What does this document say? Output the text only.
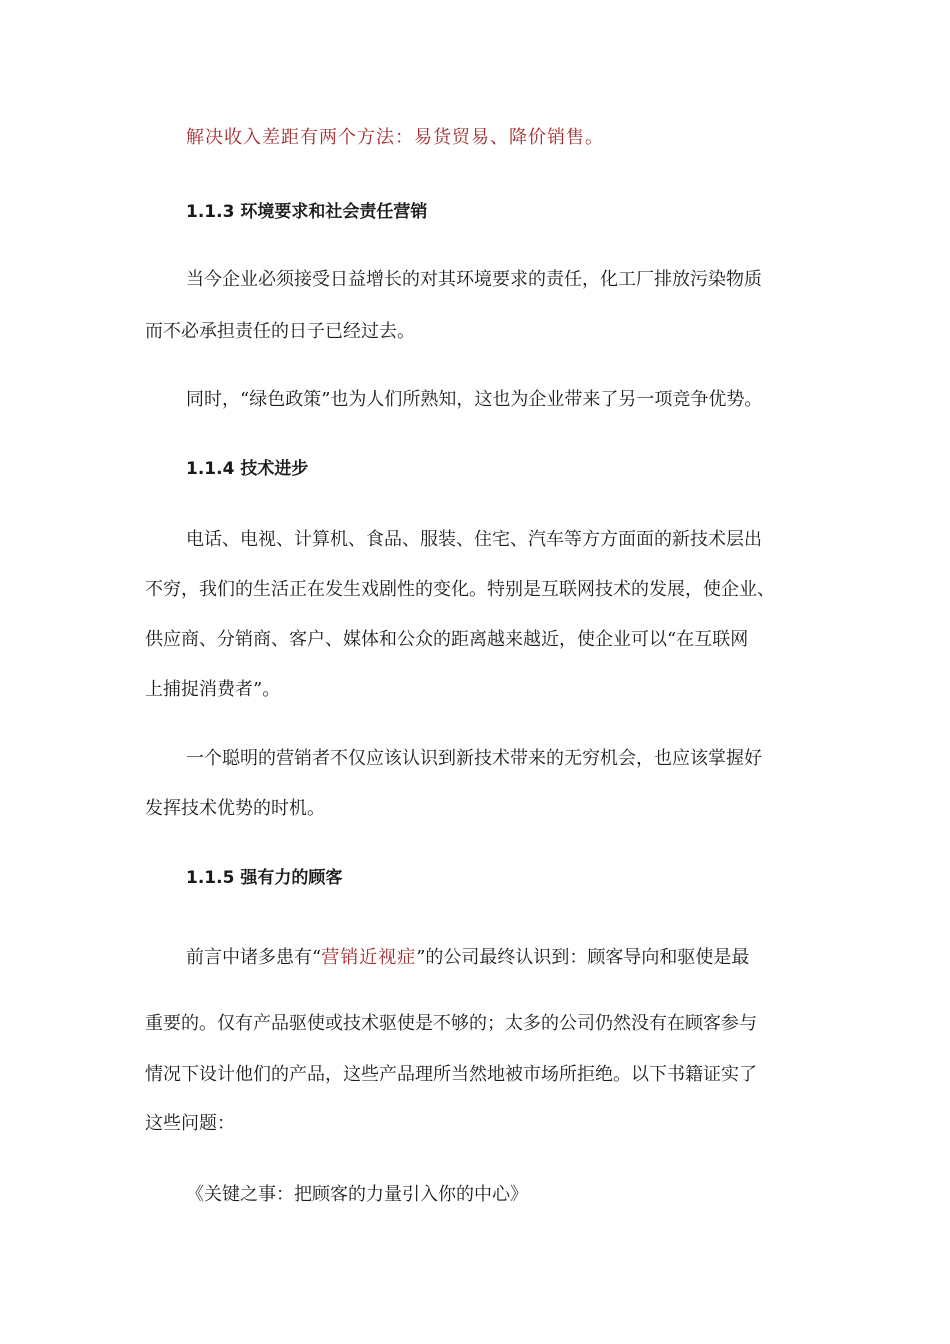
解决收入差距有两个方法：易货贸易、降价销售。
1.1.3 环境要求和社会责任营销
当今企业必须接受日益增长的对其环境要求的责任，化工厂排放污染物质
而不必承担责任的日子已经过去。
同时，“绿色政策”也为人们所熟知，这也为企业带来了另一项竞争优势。
1.1.4 技术进步
电话、电视、计算机、食品、服装、住宅、汽车等方方面面的新技术层出
不穷，我们的生活正在发生戏剧性的变化。特别是互联网技术的发展，使企业、
供应商、分销商、客户、媒体和公众的距离越来越近，使企业可以“在互联网
上捕捉消费者”。
一个聪明的营销者不仅应该认识到新技术带来的无穷机会，也应该掌握好
发挥技术优势的时机。
1.1.5 强有力的顾客
前言中诸多患有“营销近视症”的公司最终认识到：顾客导向和驱使是最
重要的。仅有产品驱使或技术驱使是不够的；太多的公司仍然没有在顾客参与
情况下设计他们的产品，这些产品理所当然地被市场所拒绝。以下书籍证实了
这些问题：
《关键之事：把顾客的力量引入你的中心》
